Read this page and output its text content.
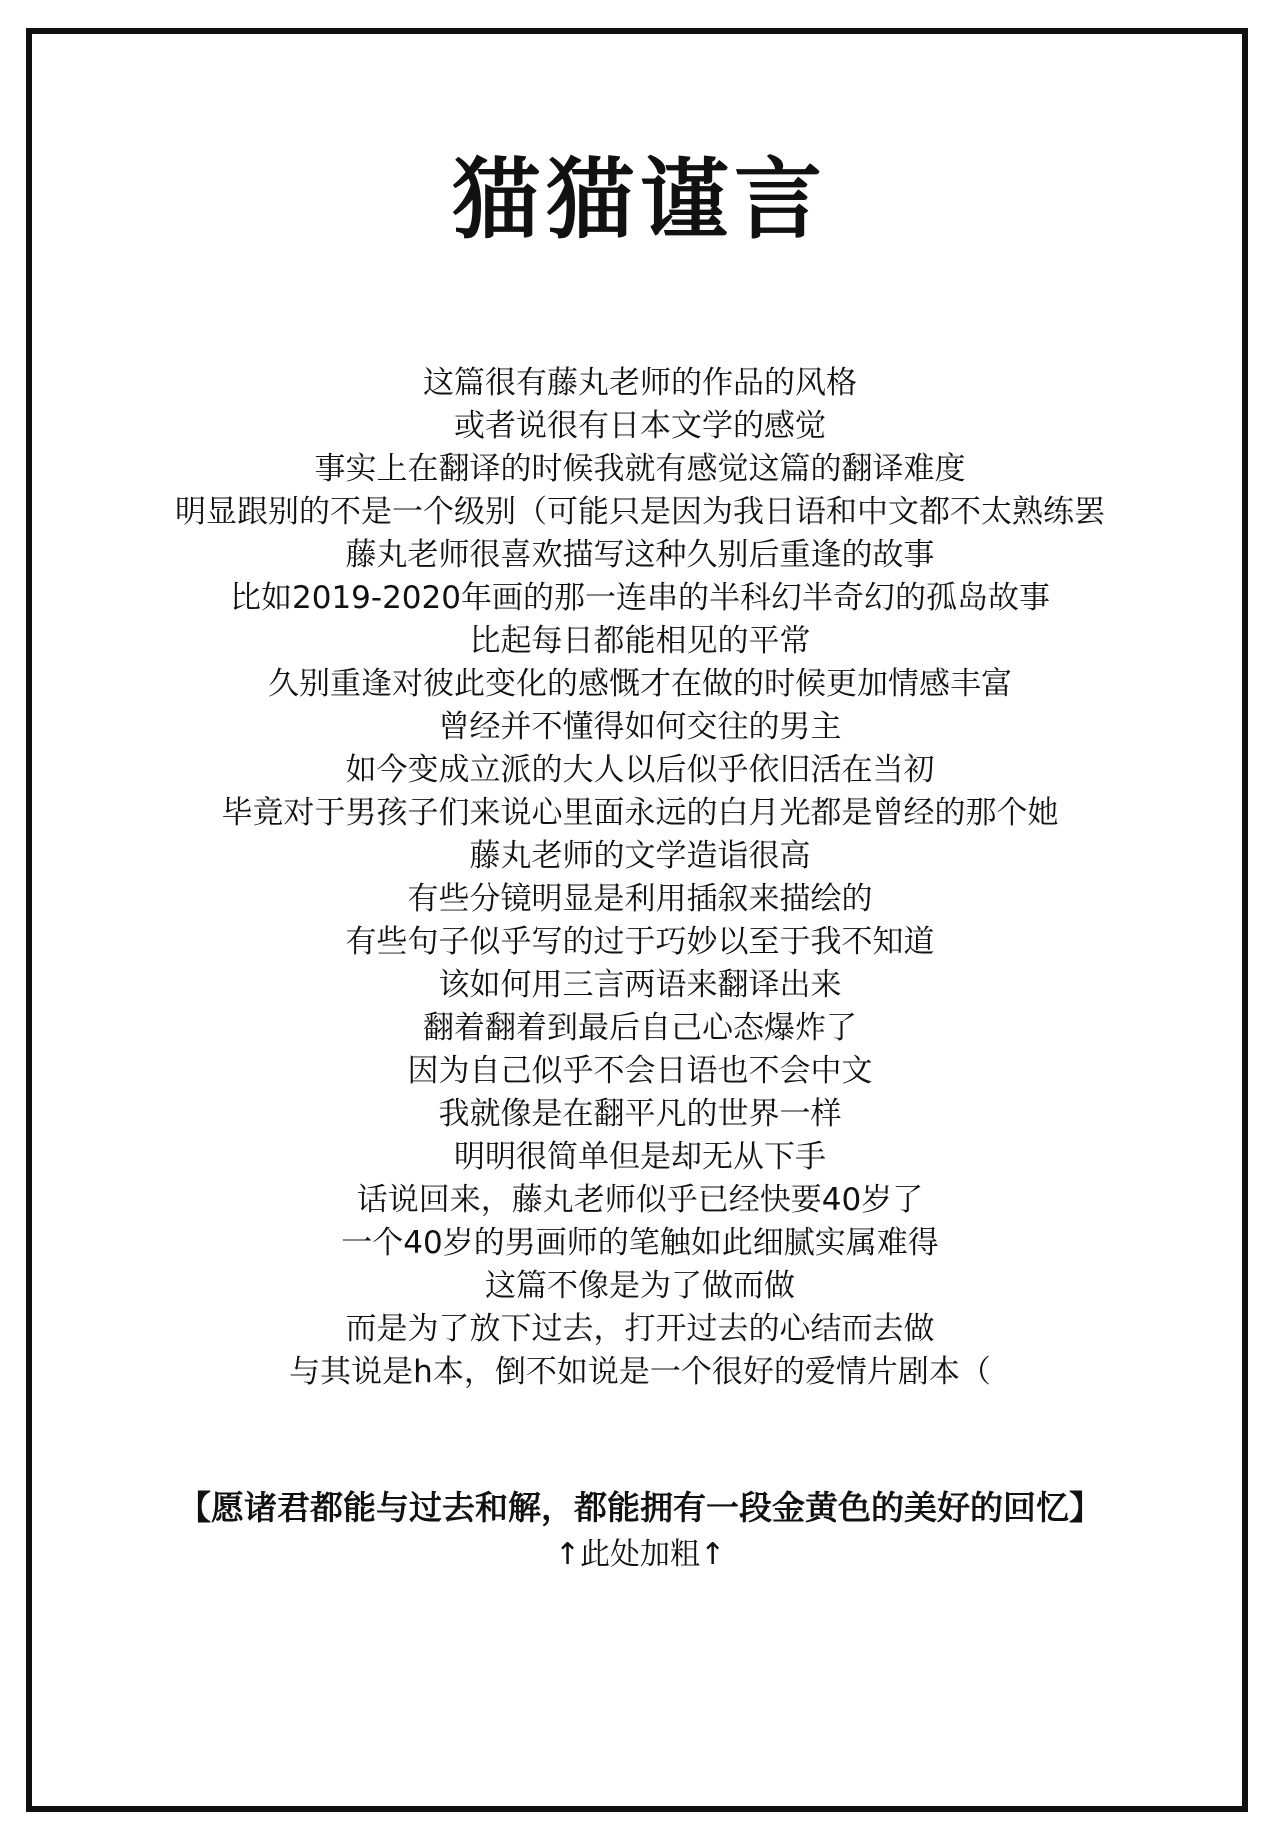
猫猫谨言
这篇很有藤丸老师的作品的风格
或者说很有日本文学的感觉
事实上在翻译的时候我就有感觉这篇的翻译难度
明显跟别的不是一个级别（可能只是因为我日语和中文都不太熟练罢
藤丸老师很喜欢描写这种久别后重逢的故事
比如2019-2020年画的那一连串的半科幻半奇幻的孤岛故事
比起每日都能相见的平常
久别重逢对彼此变化的感慨才在做的时候更加情感丰富
曾经并不懂得如何交往的男主
如今变成立派的大人以后似乎依旧活在当初
毕竟对于男孩子们来说心里面永远的白月光都是曾经的那个她
藤丸老师的文学造诣很高
有些分镜明显是利用插叙来描绘的
有些句子似乎写的过于巧妙以至于我不知道
该如何用三言两语来翻译出来
翻着翻着到最后自己心态爆炸了
因为自己似乎不会日语也不会中文
我就像是在翻平凡的世界一样
明明很简单但是却无从下手
话说回来，藤丸老师似乎已经快要40岁了
一个40岁的男画师的笔触如此细腻实属难得
这篇不像是为了做而做
而是为了放下过去，打开过去的心结而去做
与其说是h本，倒不如说是一个很好的爱情片剧本（
【愿诸君都能与过去和解，都能拥有一段金黄色的美好的回忆】
↑此处加粗↑
